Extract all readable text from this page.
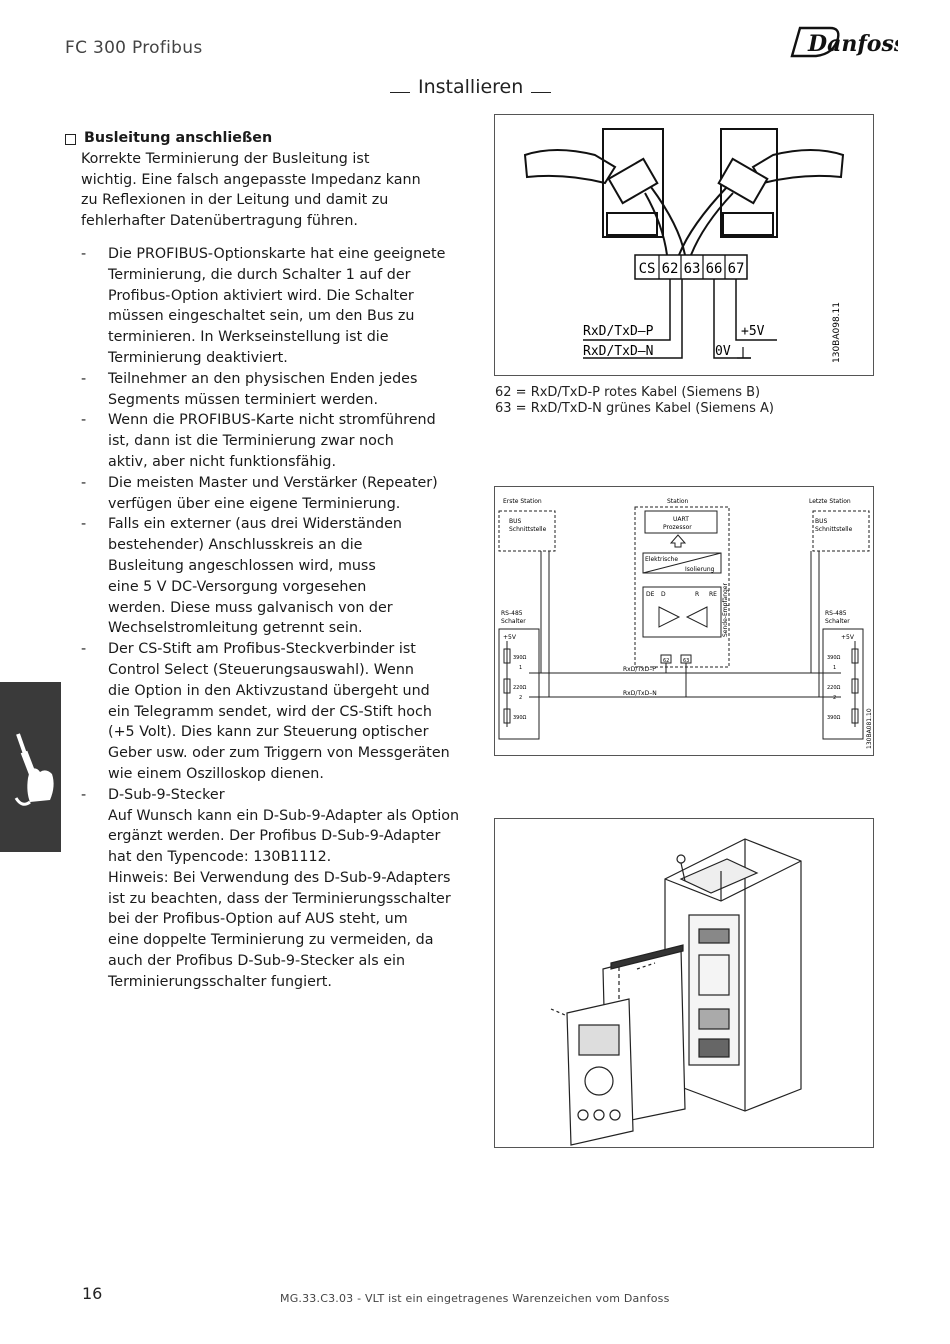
FC 300 Profibus	Danfoss
Installieren
Busleitung anschließen
Korrekte Terminierung der Busleitung ist
wichtig. Eine falsch angepasste Impedanz kann
zu Reflexionen in der Leitung und damit zu
fehlerhafter Datenübertragung führen.
- Die PROFIBUS-Optionskarte hat eine geeignete
Terminierung, die durch Schalter 1 auf der
Profibus-Option aktiviert wird. Die Schalter
müssen eingeschaltet sein, um den Bus zu
terminieren. In Werkseinstellung ist die
Terminierung deaktiviert.
- Teilnehmer an den physischen Enden jedes
Segments müssen terminiert werden.
- Wenn die PROFIBUS-Karte nicht stromführend
ist, dann ist die Terminierung zwar noch
aktiv, aber nicht funktionsfähig.
- Die meisten Master und Verstärker (Repeater)
verfügen über eine eigene Terminierung.
- Falls ein externer (aus drei Widerständen
bestehender) Anschlusskreis an die
Busleitung angeschlossen wird, muss
eine 5 V DC-Versorgung vorgesehen
werden. Diese muss galvanisch von der
Wechselstromleitung getrennt sein.
- Der CS-Stift am Profibus-Steckverbinder ist
Control Select (Steuerungsauswahl). Wenn
die Option in den Aktivzustand übergeht und
ein Telegramm sendet, wird der CS-Stift hoch
(+5 Volt). Dies kann zur Steuerung optischer
Geber usw. oder zum Triggern von Messgeräten
wie einem Oszilloskop dienen.
- D-Sub-9-Stecker
Auf Wunsch kann ein D-Sub-9-Adapter als Option
ergänzt werden. Der Profibus D-Sub-9-Adapter
hat den Typencode: 130B1112.
Hinweis: Bei Verwendung des D-Sub-9-Adapters
ist zu beachten, dass der Terminierungsschalter
bei der Profibus-Option auf AUS steht, um
eine doppelte Terminierung zu vermeiden, da
auch der Profibus D-Sub-9-Stecker als ein
Terminierungsschalter fungiert.
CS 62 63 66 67
RxD/TxD–P
RxD/TxD–N
+5V
0V	130BA098.11
62 = RxD/TxD-P rotes Kabel (Siemens B)
63 = RxD/TxD-N grünes Kabel (Siemens A)
Erste Station	Station	Letzte Station
BUS
Schnittstelle
BUS
Schnittstelle
UART
Prozessor
Elektrische
Isolierung
DE D	R RE Sende-Empfänger
62	63
RxD/TxD–P
RxD/TxD–N
RS-485
Schalter
+5V
390Ω
1
220Ω
2
390Ω
RS-485
Schalter
+5V
390Ω
1
220Ω
2
390Ω	130BA081.10
16	MG.33.C3.03 - VLT ist ein eingetragenes Warenzeichen vom Danfoss
